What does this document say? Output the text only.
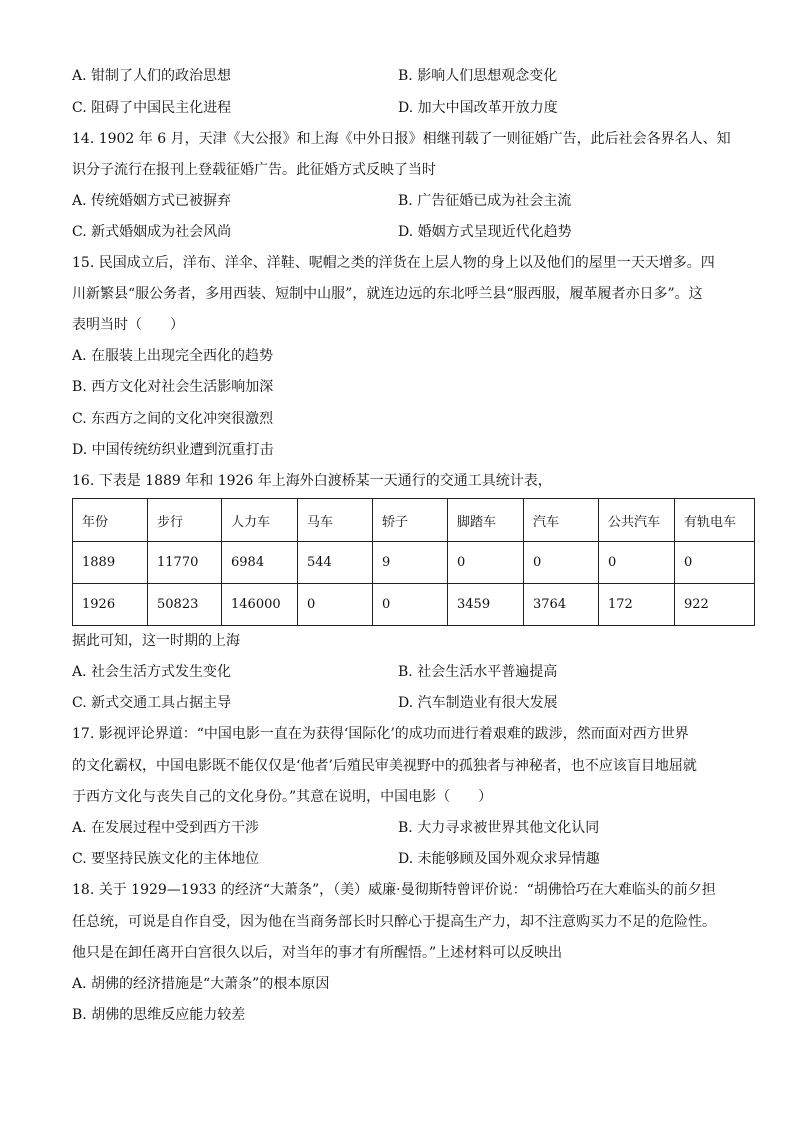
A. 钳制了人们的政治思想	B. 影响人们思想观念变化
C. 阻碍了中国民主化进程	D. 加大中国改革开放力度
14. 1902 年 6 月，天津《大公报》和上海《中外日报》相继刊载了一则征婚广告，此后社会各界名人、知
识分子流行在报刊上登载征婚广告。此征婚方式反映了当时
A. 传统婚姻方式已被摒弃	B. 广告征婚已成为社会主流
C. 新式婚姻成为社会风尚	D. 婚姻方式呈现近代化趋势
15. 民国成立后，洋布、洋伞、洋鞋、呢帽之类的洋货在上层人物的身上以及他们的屋里一天天增多。四
川新繁县“服公务者，多用西装、短制中山服”，就连边远的东北呼兰县“服西服，履革履者亦日多”。这
表明当时（　　）
A. 在服装上出现完全西化的趋势
B. 西方文化对社会生活影响加深
C. 东西方之间的文化冲突很激烈
D. 中国传统纺织业遭到沉重打击
16. 下表是 1889 年和 1926 年上海外白渡桥某一天通行的交通工具统计表，
年份	步行	人力车	马车	轿子	脚踏车	汽车	公共汽车	有轨电车
1889	11770	6984	544	9	0	0	0	0
1926	50823	146000	0	0	3459	3764	172	922
据此可知，这一时期的上海
A. 社会生活方式发生变化	B. 社会生活水平普遍提高
C. 新式交通工具占据主导	D. 汽车制造业有很大发展
17. 影视评论界道：“中国电影一直在为获得‘国际化’的成功而进行着艰难的跋涉，然而面对西方世界
的文化霸权，中国电影既不能仅仅是‘他者’后殖民审美视野中的孤独者与神秘者，也不应该盲目地屈就
于西方文化与丧失自己的文化身份。”其意在说明，中国电影（　　）
A. 在发展过程中受到西方干涉	B. 大力寻求被世界其他文化认同
C. 要坚持民族文化的主体地位	D. 未能够顾及国外观众求异情趣
18. 关于 1929—1933 的经济“大萧条”，（美）威廉·曼彻斯特曾评价说：“胡佛恰巧在大难临头的前夕担
任总统，可说是自作自受，因为他在当商务部长时只醉心于提高生产力，却不注意购买力不足的危险性。
他只是在卸任离开白宫很久以后，对当年的事才有所醒悟。”上述材料可以反映出
A. 胡佛的经济措施是“大萧条”的根本原因
B. 胡佛的思维反应能力较差
